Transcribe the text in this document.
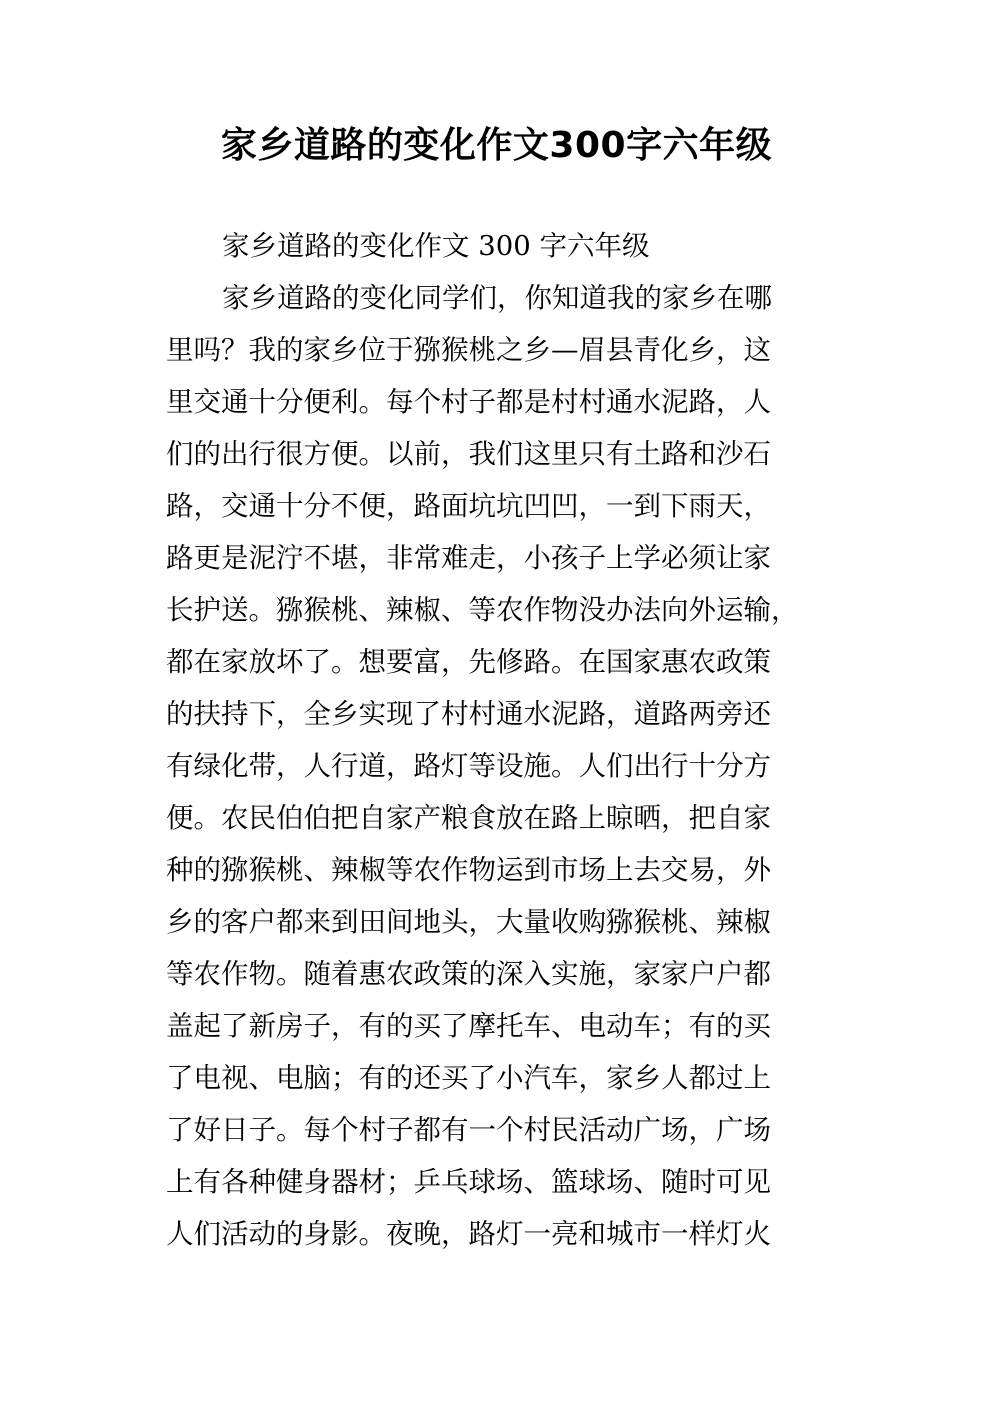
家乡道路的变化作文300字六年级
家乡道路的变化作文 300 字六年级
家乡道路的变化同学们，你知道我的家乡在哪
里吗？我的家乡位于猕猴桃之乡—眉县青化乡，这
里交通十分便利。每个村子都是村村通水泥路，人
们的出行很方便。以前，我们这里只有土路和沙石
路，交通十分不便，路面坑坑凹凹，一到下雨天，
路更是泥泞不堪，非常难走，小孩子上学必须让家
长护送。猕猴桃、辣椒、等农作物没办法向外运输，
都在家放坏了。想要富，先修路。在国家惠农政策
的扶持下，全乡实现了村村通水泥路，道路两旁还
有绿化带，人行道，路灯等设施。人们出行十分方
便。农民伯伯把自家产粮食放在路上晾晒，把自家
种的猕猴桃、辣椒等农作物运到市场上去交易，外
乡的客户都来到田间地头，大量收购猕猴桃、辣椒
等农作物。随着惠农政策的深入实施，家家户户都
盖起了新房子，有的买了摩托车、电动车；有的买
了电视、电脑；有的还买了小汽车，家乡人都过上
了好日子。每个村子都有一个村民活动广场，广场
上有各种健身器材；乒乓球场、篮球场、随时可见
人们活动的身影。夜晚，路灯一亮和城市一样灯火
